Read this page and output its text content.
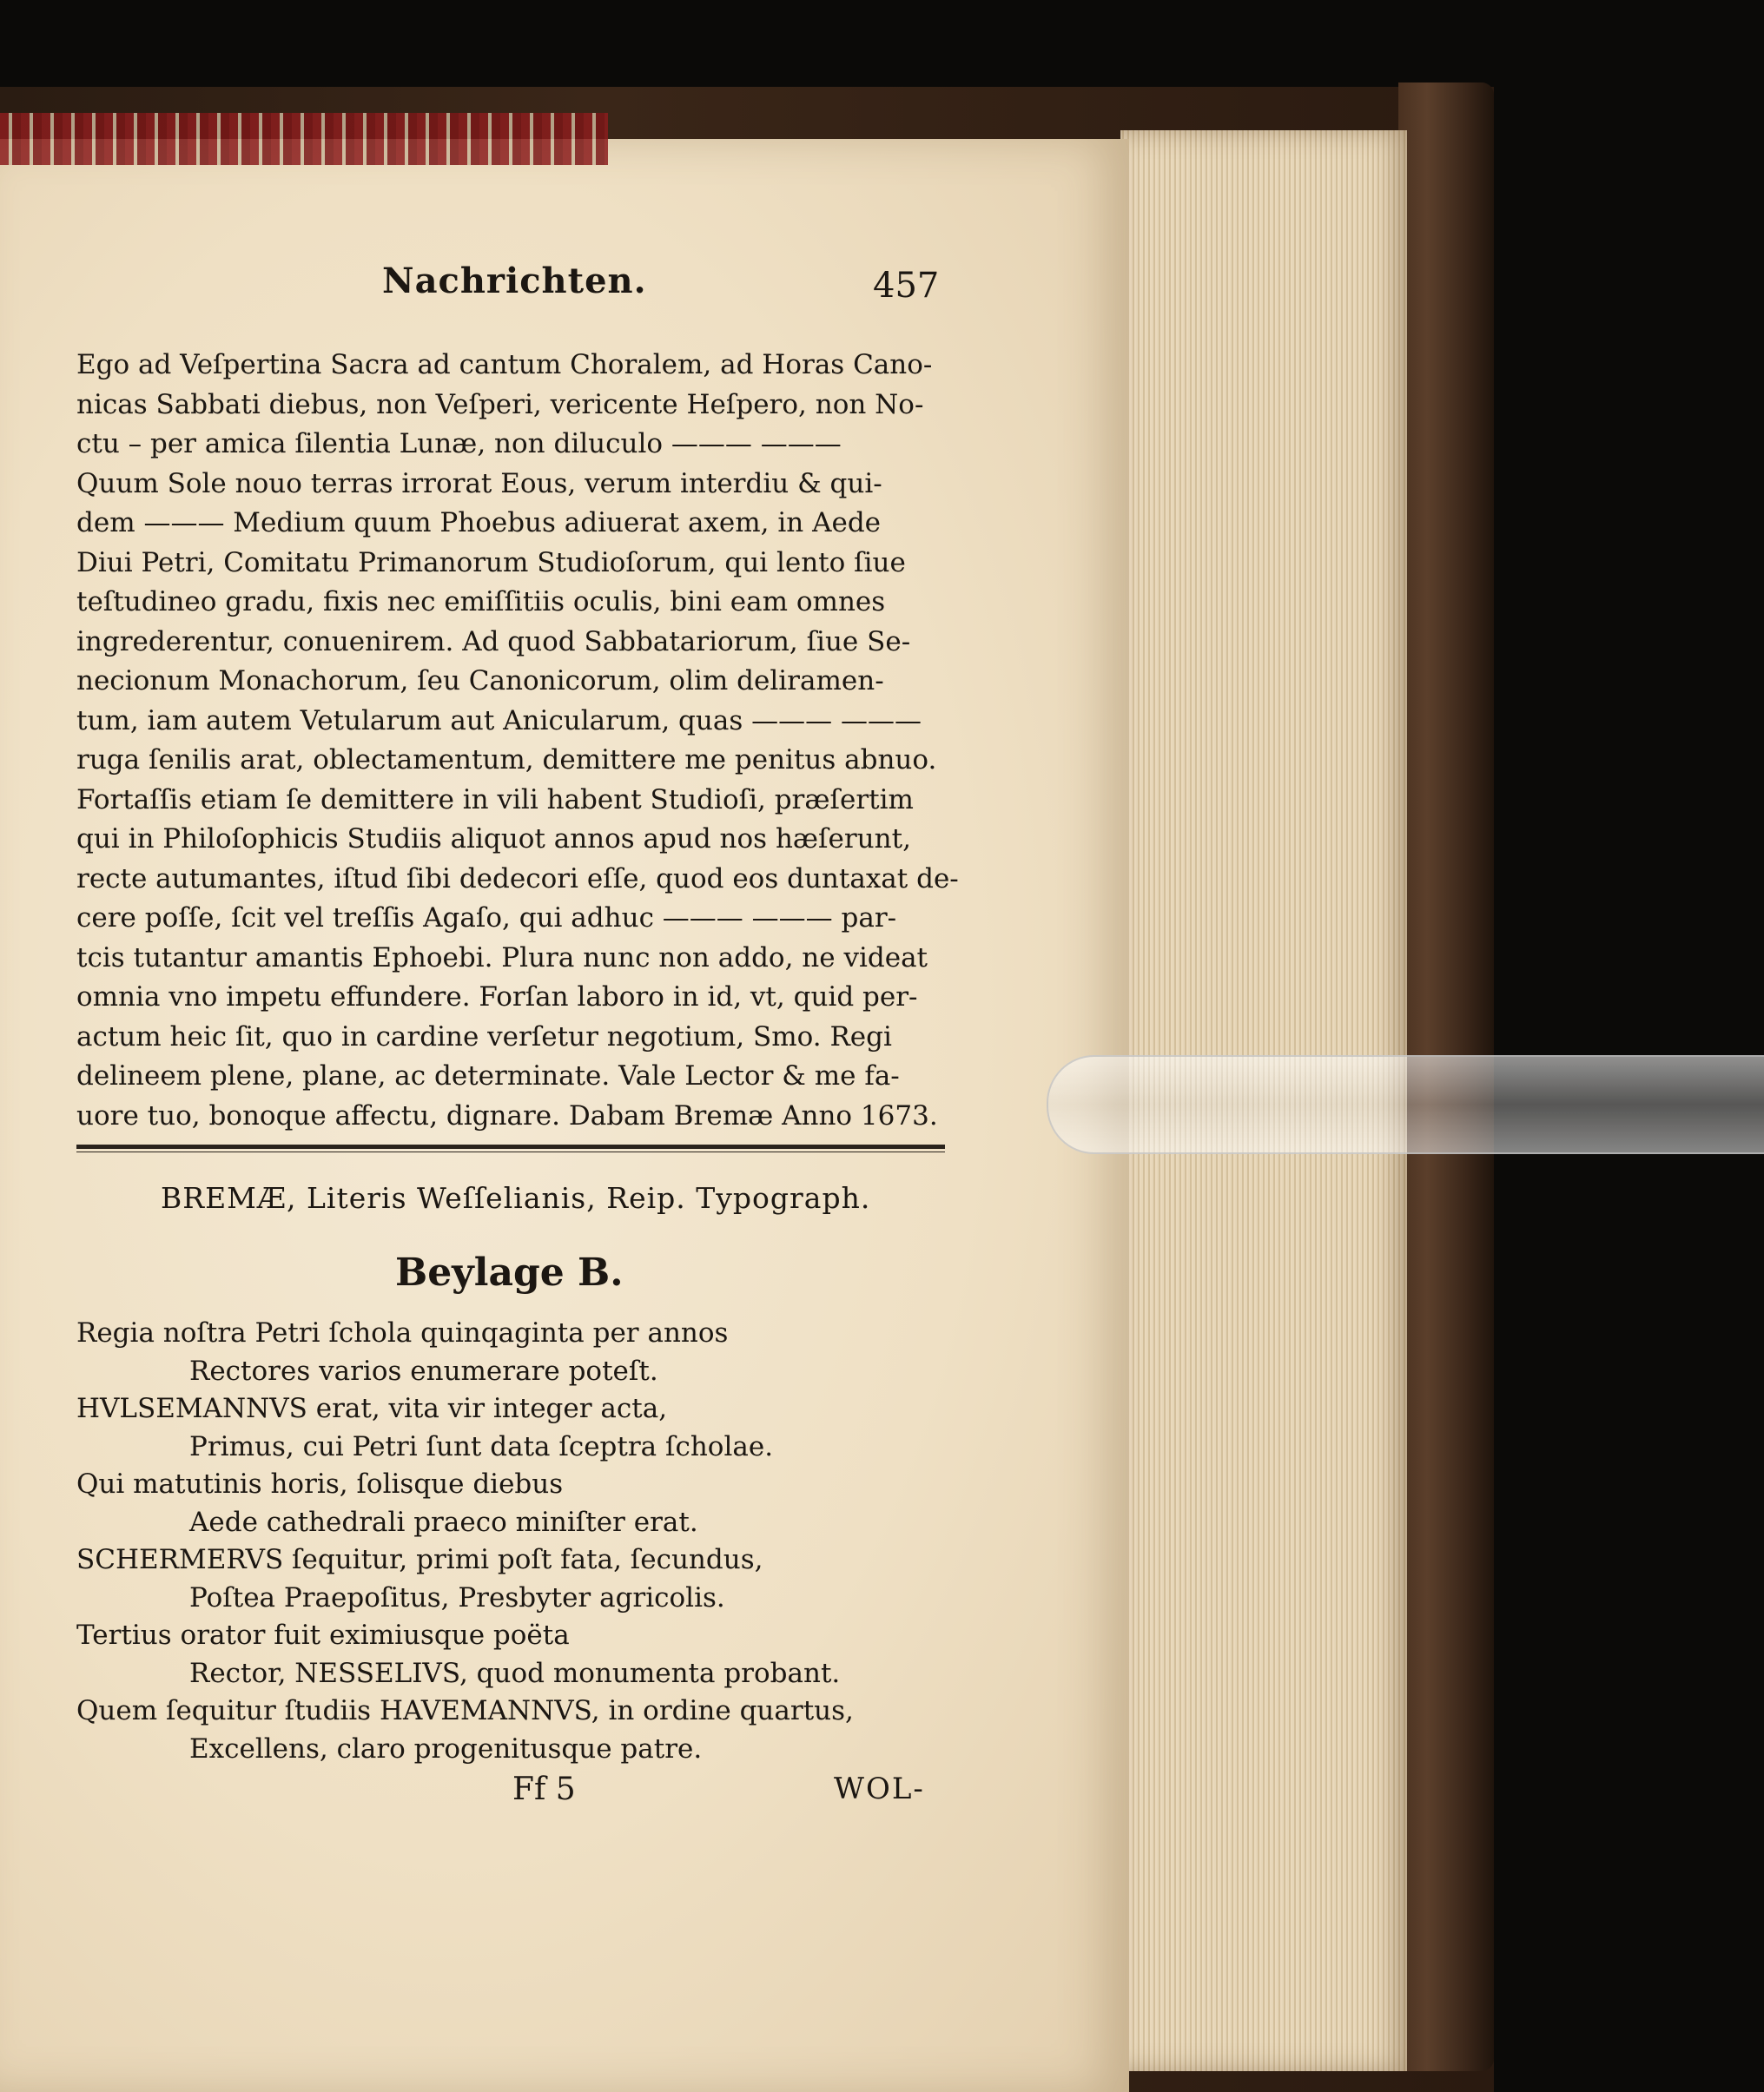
Nachrichten.	457
Ego ad Veſpertina Sacra ad cantum Choralem, ad Horas Cano-
nicas Sabbati diebus, non Veſperi, vericente Heſpero, non No-
ctu – per amica ſilentia Lunæ, non diluculo ——— ———
Quum Sole nouo terras irrorat Eous, verum interdiu & qui-
dem ——— Medium quum Phoebus adiuerat axem, in Aede
Diui Petri, Comitatu Primanorum Studioſorum, qui lento ſiue
teſtudineo gradu, fixis nec emiſſitiis oculis, bini eam omnes
ingrederentur, conuenirem. Ad quod Sabbatariorum, ſiue Se-
necionum Monachorum, ſeu Canonicorum, olim deliramen-
tum, iam autem Vetularum aut Anicularum, quas ——— ———
ruga ſenilis arat, oblectamentum, demittere me penitus abnuo.
Fortaſſis etiam ſe demittere in vili habent Studioſi, præſertim
qui in Philoſophicis Studiis aliquot annos apud nos hæſerunt,
recte autumantes, iſtud ſibi dedecori eſſe, quod eos duntaxat de-
cere poſſe, ſcit vel treſſis Agaſo, qui adhuc ——— ——— par-
tcis tutantur amantis Ephoebi. Plura nunc non addo, ne videat
omnia vno impetu effundere. Forſan laboro in id, vt, quid per-
actum heic ſit, quo in cardine verſetur negotium, Smo. Regi
delineem plene, plane, ac determinate. Vale Lector & me fa-
uore tuo, bonoque affectu, dignare. Dabam Bremæ Anno 1673.
BREMÆ, Literis Weſſelianis, Reip. Typograph.
Beylage B.
Regia noſtra Petri ſchola quinqaginta per annos
Rectores varios enumerare poteſt.
HVLSEMANNVS erat, vita vir integer acta,
Primus, cui Petri ſunt data ſceptra ſcholae.
Qui matutinis horis, ſolisque diebus
Aede cathedrali praeco miniſter erat.
SCHERMERVS ſequitur, primi poſt fata, ſecundus,
Poſtea Praepoſitus, Presbyter agricolis.
Tertius orator fuit eximiusque poëta
Rector, NESSELIVS, quod monumenta probant.
Quem ſequitur ſtudiis HAVEMANNVS, in ordine quartus,
Excellens, claro progenitusque patre.
Ff 5	WOL-
